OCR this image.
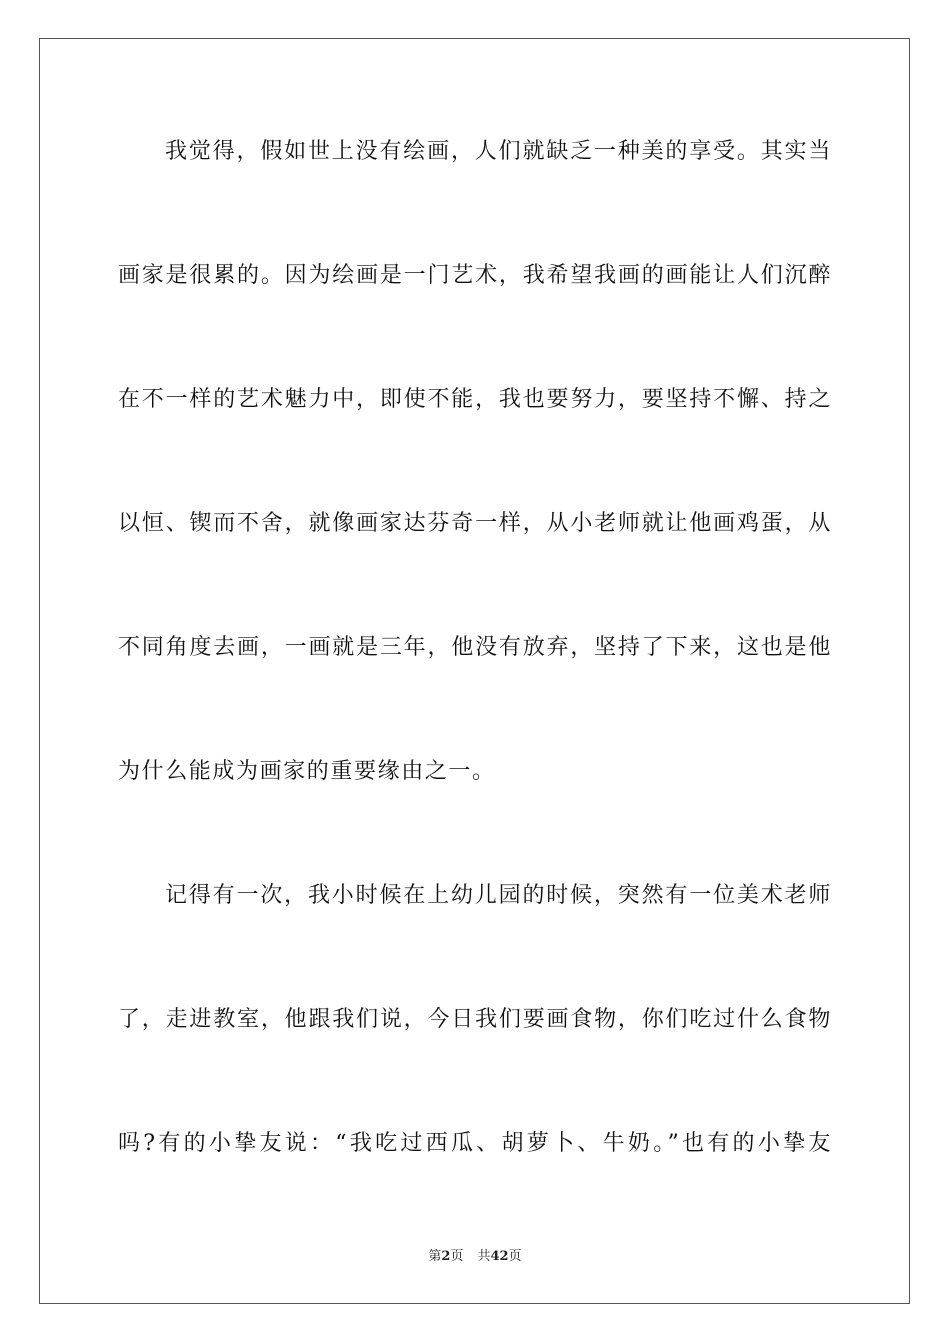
我觉得，假如世上没有绘画，人们就缺乏一种美的享受。其实当
画家是很累的。因为绘画是一门艺术，我希望我画的画能让人们沉醉
在不一样的艺术魅力中，即使不能，我也要努力，要坚持不懈、持之
以恒、锲而不舍，就像画家达芬奇一样，从小老师就让他画鸡蛋，从
不同角度去画，一画就是三年，他没有放弃，坚持了下来，这也是他
为什么能成为画家的重要缘由之一。
记得有一次，我小时候在上幼儿园的时候，突然有一位美术老师
了，走进教室，他跟我们说，今日我们要画食物，你们吃过什么食物
吗?有的小挚友说：“我吃过西瓜、胡萝卜、牛奶。”也有的小挚友
第2页 共42页
